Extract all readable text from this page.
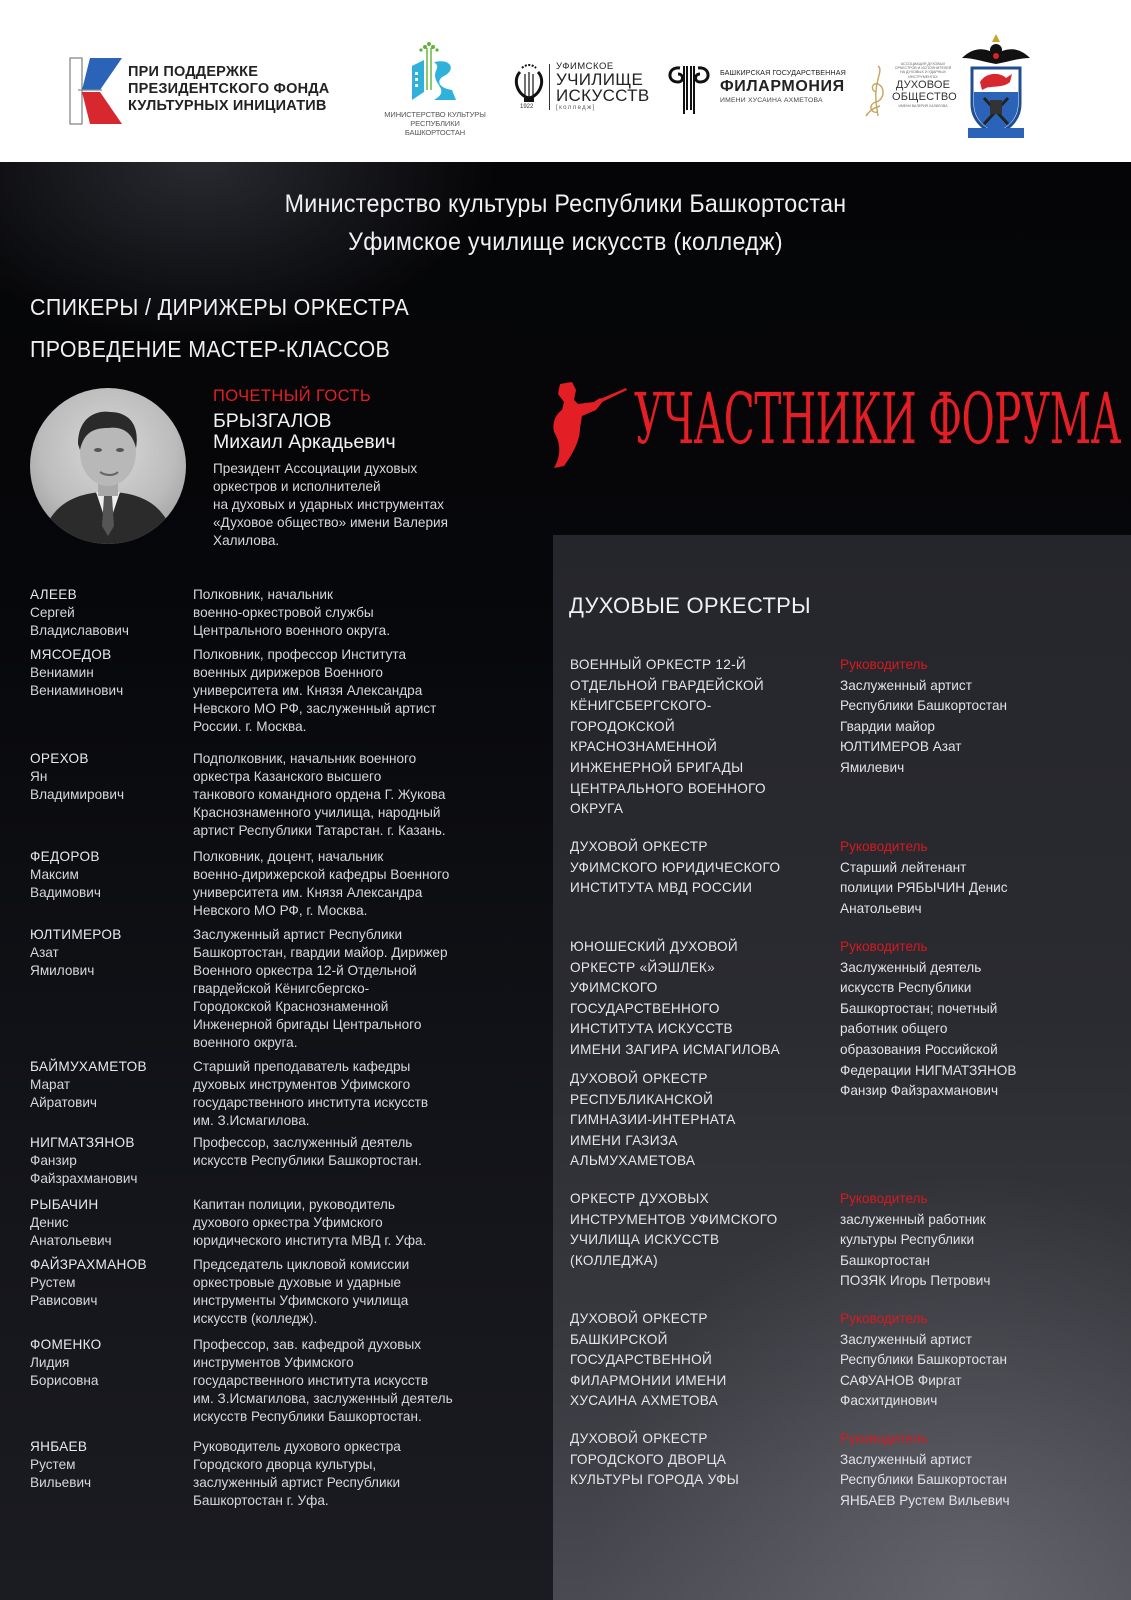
ПРИ ПОДДЕРЖКЕ
ПРЕЗИДЕНТСКОГО ФОНДА
КУЛЬТУРНЫХ ИНИЦИАТИВ
МИНИСТЕРСТВО КУЛЬТУРЫ
РЕСПУБЛИКИ БАШКОРТОСТАН
1922
УФИМСКОЕ
УЧИЛИЩЕ
ИСКУССТВ
[колледж]
БАШКИРСКАЯ ГОСУДАРСТВЕННАЯ
ФИЛАРМОНИЯ
ИМЕНИ ХУСАИНА АХМЕТОВА
АССОЦИАЦИЯ ДУХОВЫХ ОРКЕСТРОВ И ИСПОЛНИТЕЛЕЙ НА ДУХОВЫХ И УДАРНЫХ ИНСТРУМЕНТАХ
ДУХОВОЕ
ОБЩЕСТВО
ИМЕНИ ВАЛЕРИЯ ХАЛИЛОВА
Министерство культуры Республики Башкортостан
Уфимское училище искусств (колледж)
СПИКЕРЫ / ДИРИЖЕРЫ ОРКЕСТРА
ПРОВЕДЕНИЕ МАСТЕР-КЛАССОВ
ПОЧЕТНЫЙ ГОСТЬ
БРЫЗГАЛОВ
Михаил Аркадьевич
Президент Ассоциации духовых
оркестров и исполнителей
на духовых и ударных инструментах
«Духовое общество» имени Валерия
Халилова.
АЛЕЕВ
Сергей
Владиславович
Полковник, начальник
военно-оркестровой службы
Центрального военного округа.
МЯСОЕДОВ
Вениамин
Вениаминович
Полковник, профессор Института
военных дирижеров Военного
университета им. Князя Александра
Невского МО РФ, заслуженный артист
России. г. Москва.
ОРЕХОВ
Ян
Владимирович
Подполковник, начальник военного
оркестра Казанского высшего
танкового командного ордена Г. Жукова
Краснознаменного училища, народный
артист Республики Татарстан. г. Казань.
ФЕДОРОВ
Максим
Вадимович
Полковник, доцент, начальник
военно-дирижерской кафедры Военного
университета им. Князя Александра
Невского МО РФ, г. Москва.
ЮЛТИМЕРОВ
Азат
Ямилович
Заслуженный артист Республики
Башкортостан, гвардии майор. Дирижер
Военного оркестра 12-й Отдельной
гвардейской Кёнигсбергско-
Городокской Краснознаменной
Инженерной бригады Центрального
военного округа.
БАЙМУХАМЕТОВ
Марат
Айратович
Старший преподаватель кафедры
духовых инструментов Уфимского
государственного института искусств
им. З.Исмагилова.
НИГМАТЗЯНОВ
Фанзир
Файзрахманович
Профессор, заслуженный деятель
искусств Республики Башкортостан.
РЫБАЧИН
Денис
Анатольевич
Капитан полиции, руководитель
духового оркестра Уфимского
юридического института МВД г. Уфа.
ФАЙЗРАХМАНОВ
Рустем
Рависович
Председатель цикловой комиссии
оркестровые духовые и ударные
инструменты Уфимского училища
искусств (колледж).
ФОМЕНКО
Лидия
Борисовна
Профессор, зав. кафедрой духовых
инструментов Уфимского
государственного института искусств
им. З.Исмагилова, заслуженный деятель
искусств Республики Башкортостан.
ЯНБАЕВ
Рустем
Вильевич
Руководитель духового оркестра
Городского дворца культуры,
заслуженный артист Республики
Башкортостан г. Уфа.
УЧАСТНИКИ ФОРУМА
ДУХОВЫЕ ОРКЕСТРЫ
ВОЕННЫЙ ОРКЕСТР 12-Й
ОТДЕЛЬНОЙ ГВАРДЕЙСКОЙ
КЁНИГСБЕРГСКОГО-
ГОРОДОКСКОЙ
КРАСНОЗНАМЕННОЙ
ИНЖЕНЕРНОЙ БРИГАДЫ
ЦЕНТРАЛЬНОГО ВОЕННОГО
ОКРУГА
Руководитель
Заслуженный артист
Республики Башкортостан
Гвардии майор
ЮЛТИМЕРОВ Азат
Ямилевич
ДУХОВОЙ ОРКЕСТР
УФИМСКОГО ЮРИДИЧЕСКОГО
ИНСТИТУТА МВД РОССИИ
Руководитель
Старший лейтенант
полиции РЯБЫЧИН Денис
Анатольевич
ЮНОШЕСКИЙ ДУХОВОЙ
ОРКЕСТР «ЙЭШЛЕК»
УФИМСКОГО
ГОСУДАРСТВЕННОГО
ИНСТИТУТА ИСКУССТВ
ИМЕНИ ЗАГИРА ИСМАГИЛОВА
Руководитель
Заслуженный деятель
искусств Республики
Башкортостан; почетный
работник общего
образования Российской
Федерации НИГМАТЗЯНОВ
Фанзир Файзрахманович
ДУХОВОЙ ОРКЕСТР
РЕСПУБЛИКАНСКОЙ
ГИМНАЗИИ-ИНТЕРНАТА
ИМЕНИ ГАЗИЗА
АЛЬМУХАМЕТОВА
ОРКЕСТР ДУХОВЫХ
ИНСТРУМЕНТОВ УФИМСКОГО
УЧИЛИЩА ИСКУССТВ
(КОЛЛЕДЖА)
Руководитель
заслуженный работник
культуры Республики
Башкортостан
ПОЗЯК Игорь Петрович
ДУХОВОЙ ОРКЕСТР
БАШКИРСКОЙ
ГОСУДАРСТВЕННОЙ
ФИЛАРМОНИИ ИМЕНИ
ХУСАИНА АХМЕТОВА
Руководитель
Заслуженный артист
Республики Башкортостан
САФУАНОВ Фиргат
Фасхитдинович
ДУХОВОЙ ОРКЕСТР
ГОРОДСКОГО ДВОРЦА
КУЛЬТУРЫ ГОРОДА УФЫ
Руководитель
Заслуженный артист
Республики Башкортостан
ЯНБАЕВ Рустем Вильевич
